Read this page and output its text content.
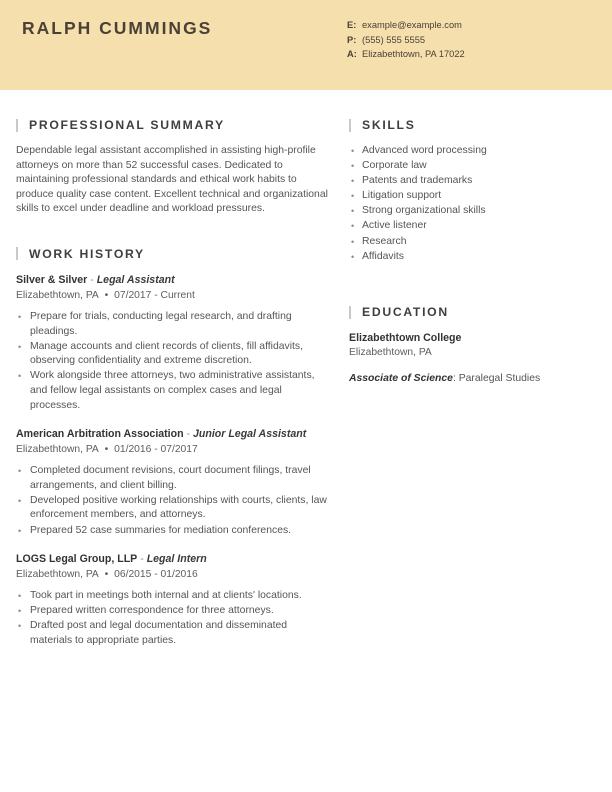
RALPH CUMMINGS	E: example@example.com
P: (555) 555 5555
A: Elizabethtown, PA 17022
PROFESSIONAL SUMMARY

Dependable legal assistant accomplished in assisting high-profile attorneys on more than 52 successful cases. Dedicated to maintaining professional standards and ethical work habits to produce quality case content. Excellent technical and organizational skills to excel under deadline and workload pressures.

WORK HISTORY

Silver & Silver - Legal Assistant

Elizabethtown, PA • 07/2017 - Current

• Prepare for trials, conducting legal research, and drafting pleadings.
• Manage accounts and client records of clients, fill affidavits, observing confidentiality and extreme discretion.
• Work alongside three attorneys, two administrative assistants, and fellow legal assistants on complex cases and legal processes.

American Arbitration Association - Junior Legal Assistant

Elizabethtown, PA • 01/2016 - 07/2017

• Completed document revisions, court document filings, travel arrangements, and client billing.
• Developed positive working relationships with courts, clients, law enforcement members, and attorneys.
• Prepared 52 case summaries for mediation conferences.

LOGS Legal Group, LLP - Legal Intern

Elizabethtown, PA • 06/2015 - 01/2016

• Took part in meetings both internal and at clients' locations.
• Prepared written correspondence for three attorneys.
• Drafted post and legal documentation and disseminated materials to appropriate parties.
SKILLS
• Advanced word processing
• Corporate law
• Patents and trademarks
• Litigation support
• Strong organizational skills
• Active listener
• Research
• Affidavits
EDUCATION

Elizabethtown College

Elizabethtown, PA

Associate of Science: Paralegal Studies
